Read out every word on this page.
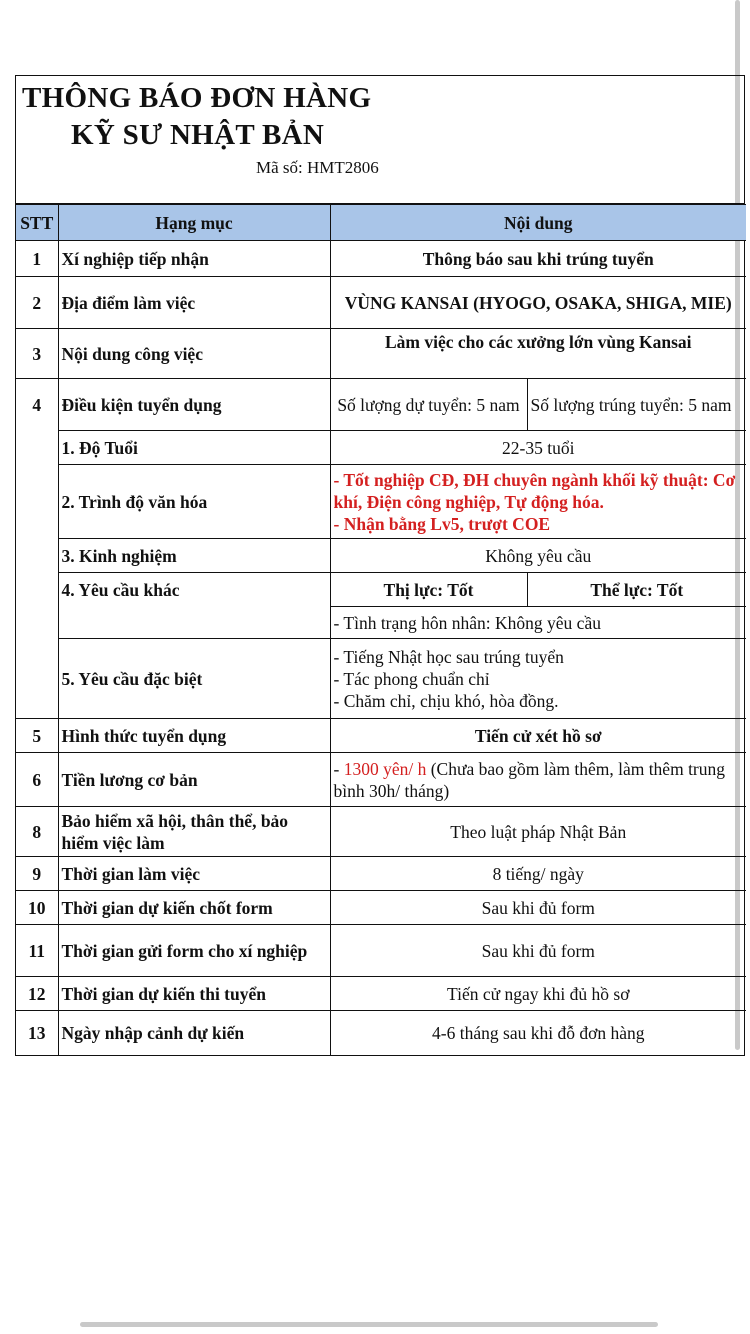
THÔNG BÁO ĐƠN HÀNG
KỸ SƯ NHẬT BẢN
Mã số: HMT2806
STT	Hạng mục	Nội dung	
1	Xí nghiệp tiếp nhận	Thông báo sau khi trúng tuyển	
2	Địa điểm làm việc	VÙNG KANSAI (HYOGO, OSAKA, SHIGA, MIE)	
3	Nội dung công việc	Làm việc cho các xưởng lớn vùng Kansai	
4	Điều kiện tuyển dụng	Số lượng dự tuyển: 5 nam	Số lượng trúng tuyển: 5 nam
	1. Độ Tuổi	22-35 tuổi	
	2. Trình độ văn hóa	- Tốt nghiệp CĐ, ĐH chuyên ngành khối kỹ thuật: Cơ khí, Điện công nghiệp, Tự động hóa.
- Nhận bằng Lv5, trượt COE	

	3. Kinh nghiệm	Không yêu cầu	
	4. Yêu cầu khác	Thị lực: Tốt	Thể lực: Tốt
		- Tình trạng hôn nhân: Không yêu cầu	
	5. Yêu cầu đặc biệt	- Tiếng Nhật học sau trúng tuyển
- Tác phong chuẩn chỉ
- Chăm chỉ, chịu khó, hòa đồng.	

5	Hình thức tuyển dụng	Tiến cử xét hồ sơ	
6	Tiền lương cơ bản	- 1300 yên/ h (Chưa bao gồm làm thêm, làm thêm trung bình 30h/ tháng)	
8	Bảo hiểm xã hội, thân thể, bảo hiểm việc làm	Theo luật pháp Nhật Bản	
9	Thời gian làm việc	8 tiếng/ ngày	
10	Thời gian dự kiến chốt form	Sau khi đủ form	
11	Thời gian gửi form cho xí nghiệp	Sau khi đủ form	
12	Thời gian dự kiến thi tuyển	Tiến cử ngay khi đủ hồ sơ	
13	Ngày nhập cảnh dự kiến	4-6 tháng sau khi đỗ đơn hàng	
